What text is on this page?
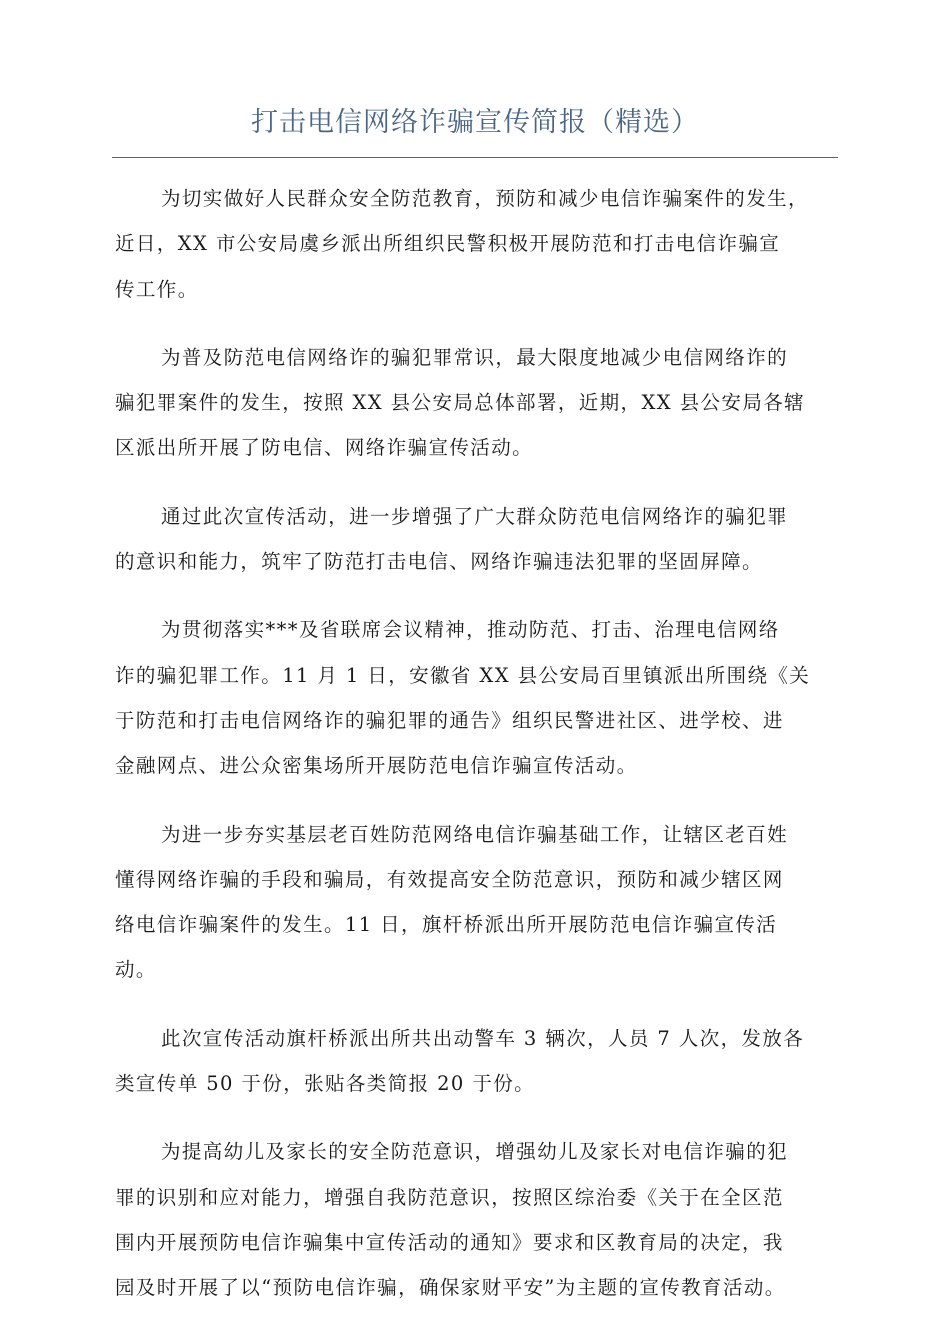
打击电信网络诈骗宣传简报（精选）

为切实做好人民群众安全防范教育，预防和减少电信诈骗案件的发生，
近日，XX 市公安局虞乡派出所组织民警积极开展防范和打击电信诈骗宣
传工作。

为普及防范电信网络诈的骗犯罪常识，最大限度地减少电信网络诈的
骗犯罪案件的发生，按照 XX 县公安局总体部署，近期，XX 县公安局各辖
区派出所开展了防电信、网络诈骗宣传活动。

通过此次宣传活动，进一步增强了广大群众防范电信网络诈的骗犯罪
的意识和能力，筑牢了防范打击电信、网络诈骗违法犯罪的坚固屏障。

为贯彻落实***及省联席会议精神，推动防范、打击、治理电信网络
诈的骗犯罪工作。11 月 1 日，安徽省 XX 县公安局百里镇派出所围绕《关
于防范和打击电信网络诈的骗犯罪的通告》组织民警进社区、进学校、进
金融网点、进公众密集场所开展防范电信诈骗宣传活动。

为进一步夯实基层老百姓防范网络电信诈骗基础工作，让辖区老百姓
懂得网络诈骗的手段和骗局，有效提高安全防范意识，预防和减少辖区网
络电信诈骗案件的发生。11 日，旗杆桥派出所开展防范电信诈骗宣传活
动。

此次宣传活动旗杆桥派出所共出动警车 3 辆次，人员 7 人次，发放各
类宣传单 50 于份，张贴各类简报 20 于份。

为提高幼儿及家长的安全防范意识，增强幼儿及家长对电信诈骗的犯
罪的识别和应对能力，增强自我防范意识，按照区综治委《关于在全区范
围内开展预防电信诈骗集中宣传活动的通知》要求和区教育局的决定，我
园及时开展了以“预防电信诈骗，确保家财平安”为主题的宣传教育活动。
